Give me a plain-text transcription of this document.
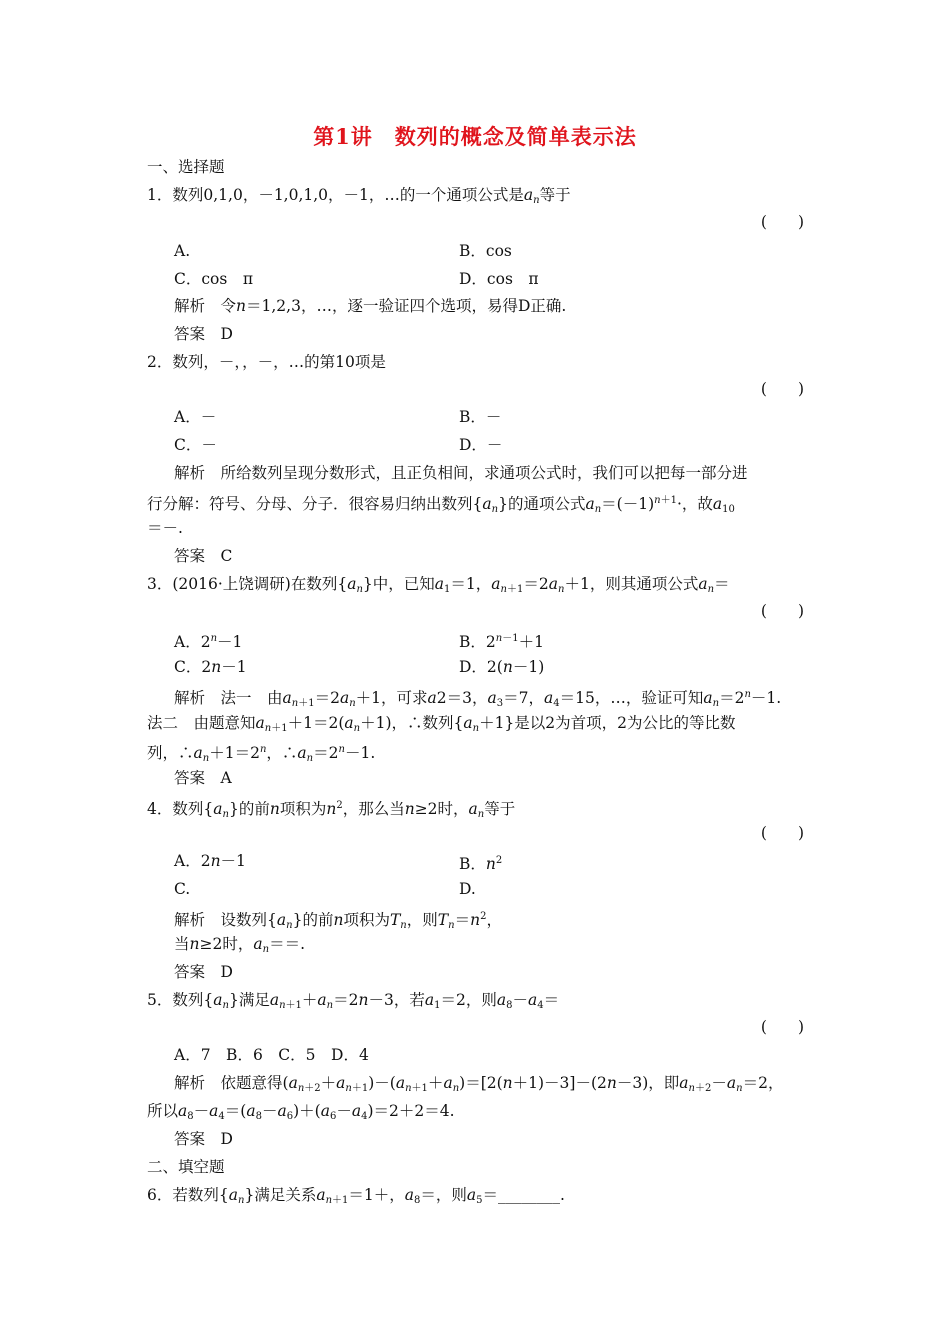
第1讲　数列的概念及简单表示法
一、选择题
1．数列0,1,0，－1,0,1,0，－1，…的一个通项公式是$a_n$等于
(　　)
A.	B．cos
C．cos　π	D．cos　π
解析　令n＝1,2,3，…，逐一验证四个选项，易得D正确.
答案　D
2．数列，－，，－，…的第10项是
(　　)
A．－	B．－
C．－	D．－
解析　所给数列呈现分数形式，且正负相间，求通项公式时，我们可以把每一部分进
行分解：符号、分母、分子．很容易归纳出数列$\{a_n\}$的通项公式$a_n=(-1)^{n+1}\cdot$，故$a_{10}$
＝－.
答案　C
3．(2016·上饶调研)在数列$\{a_n\}$中，已知$a_1=1$，$a_{n+1}=2a_n+1$，则其通项公式$a_n=$
(　　)
A．$2^n-1$	B．$2^{n-1}+1$
C．2n－1	D．2(n－1)
解析　法一　由$a_{n+1}=2a_n+1$，可求a2＝3，$a_3=7$，$a_4=15$，…，验证可知$a_n=2^n-1$.
法二　由题意知$a_{n+1}+1=2(a_n+1)$，∴数列$\{a_n+1\}$是以2为首项，2为公比的等比数
列，$\therefore a_n+1=2^n$，$\therefore a_n=2^n-1$.
答案　A
4．数列$\{a_n\}$的前n项积为$n^2$，那么当n≥2时，$a_n$等于
(　　)
A．2n－1	B．$n^2$
C.	D.
解析　设数列$\{a_n\}$的前n项积为$T_n$，则$T_n=n^2$，
当n≥2时，$a_n==$.
答案　D
5．数列$\{a_n\}$满足$a_{n+1}+a_n=2n-3$，若$a_1=2$，则$a_8-a_4=$
(　　)
A．7　B．6　C．5　D．4
解析　依题意得$(a_{n+2}+a_{n+1})-(a_{n+1}+a_n)=[2(n+1)-3]-(2n-3)$，即$a_{n+2}-a_n=2$，
所以$a_8-a_4=(a_8-a_6)+(a_6-a_4)=2+2=4$.
答案　D
二、填空题
6．若数列$\{a_n\}$满足关系$a_{n+1}=1+$，$a_8=$，则$a_5=\_\_\_\_\_\_\_\_$.
